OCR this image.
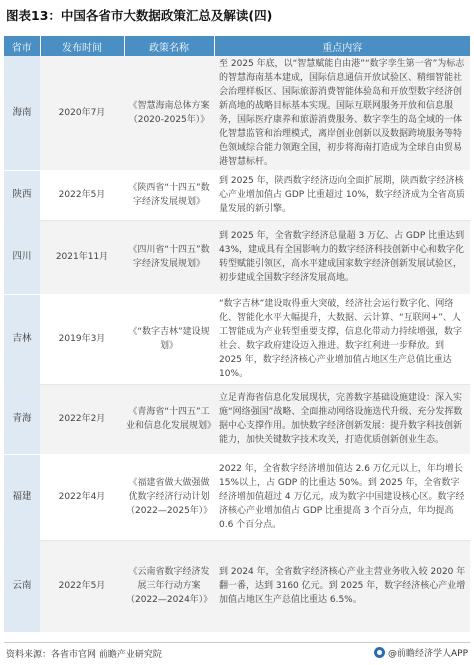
图表13：中国各省市大数据政策汇总及解读(四)
省市	发布时间	政策名称	重点内容
海南	2020年7月	《智慧海南总体方案（2020-2025年）》	至 2025 年底，以“智慧赋能自由港”“数字孪生第一省”为标志的智慧海南基本建成，国际信息通信开放试验区、精细智能社会治理样板区、国际旅游消费智能体验岛和开放型数字经济创新高地的战略目标基本实现。国际互联网服务开放和信息服务，国际医疗康养和旅游消费服务、数字孪生的岛全域的一体化智慧监管和治理模式，离岸创业创新以及数据跨境服务等特色领域综合能力领跑全国，初步将海南打造成为全球自由贸易港智慧标杆。
陕西	2022年5月	《陕西省“十四五”数字经济发展规划》	到 2025 年，陕西数字经济迈向全面扩展期，陕西数字经济核心产业增加值占 GDP 比重超过 10%，数字经济成为全省高质量发展的新引擎。
四川	2021年11月	《四川省“十四五”数字经济发展规划》	到 2025 年，全省数字经济总量超 3 万亿、占 GDP 比重达到 43%，建成具有全国影响力的数字经济科技创新中心和数字化转型赋能引领区，高水平建成国家数字经济创新发展试验区，初步建成全国数字经济发展高地。
吉林	2019年3月	《“数字吉林”建设规划》	“数字吉林”建设取得重大突破，经济社会运行数字化、网络化、智能化水平大幅提升，大数据、云计算、“互联网+”、人工智能成为产业转型重要支撑，信息化带动力持续增强，数字社会、数字政府建设迈入推进、数字红利进一步释放。到 2025 年，数字经济核心产业增加值占地区生产总值比重达 10%。
青海	2022年2月	《青海省“十四五”工业和信息化发展规划》	立足青海省信息化发展现状，完善数字基础设施建设：深入实施“网络强国”战略、全面推动网络设施迭代升级、充分发挥数据中心支撑作用。加快数字经济创新发展：提升数字科技创新能力，加快关键数字技术攻关，打造优质创新创业生态。
福建	2022年4月	《福建省做大做强做优数字经济行动计划（2022—2025年）》	2022 年，全省数字经济增加值达 2.6 万亿元以上，年均增长 15%以上，占 GDP 的比重达 50%。到 2025 年，全省数字经济增加值超过 4 万亿元，成为数字中国建设核心区。数字经济核心产业增加值占 GDP 比重提高 3 个百分点，年均提高 0.6 个百分点。
云南	2022年5月	《云南省数字经济发展三年行动方案（2022—2024年）》	到 2024 年，全省数字经济核心产业主营业务收入较 2020 年翻一番，达到 3160 亿元。到 2025 年，数字经济核心产业增加值占地区生产总值比重达 6.5%。
资料来源：各省市官网 前瞻产业研究院	@前瞻经济学人APP
